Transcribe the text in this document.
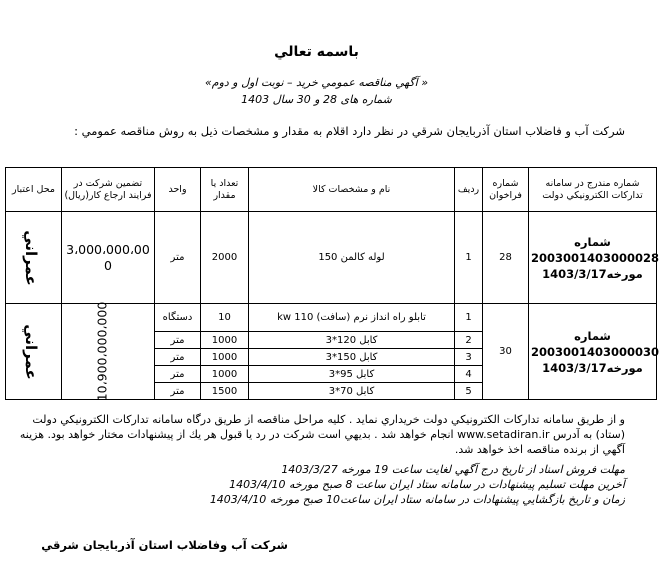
باسمه تعالي
« آگهي مناقصه عمومي خرید – نوبت اول و دوم»
شماره های 28 و 30 سال 1403
شرکت آب و فاضلاب استان آذربایجان شرقي در نظر دارد اقلام به مقدار و مشخصات ذیل به روش مناقصه عمومي :
شماره مندرج در سامانه تدارکات الکترونیکي دولت	شماره فراخوان	ردیف	نام و مشخصات کالا	تعداد یا مقدار	واحد	تضمين شرکت در فرایند ارجاع کار(ریال)	محل اعتبار

شماره
2003001403000028
مورخه1403/3/17	28	1	لوله کالمن 150	2000	متر	3،000،000،000	عمراني

شماره
2003001403000030
مورخه1403/3/17	30	1	تابلو راه انداز نرم (سافت) kw 110	10	دستگاه	10،900،000،000	عمراني
		2	کابل 120*3	1000	متر		
		3	کابل 150*3	1000	متر		
		4	کابل 95*3	1000	متر		
		5	کابل 70*3	1500	متر		
و از طریق سامانه تدارکات الکترونیکي دولت خریداري نماید . کلیه مراحل مناقصه از طریق درگاه سامانه تدارکات الکترونیکي دولت (ستاد) به آدرس www.setadiran.ir انجام خواهد شد . بدیهي است شرکت در رد یا قبول هر یك از پیشنهادات مختار خواهد بود. هزینه آگهي از برنده مناقصه اخذ خواهد شد.
مهلت فروش اسناد از تاریخ درج آگهي لغایت ساعت 19 مورخه 1403/3/27
آخرین مهلت تسلیم پیشنهادات در سامانه ستاد ایران ساعت 8 صبح مورخه 1403/4/10
زمان و تاریخ بازگشایي پیشنهادات در سامانه ستاد ایران ساعت10 صبح مورخه 1403/4/10
شرکت آب وفاضلاب استان آذربایجان شرقي
